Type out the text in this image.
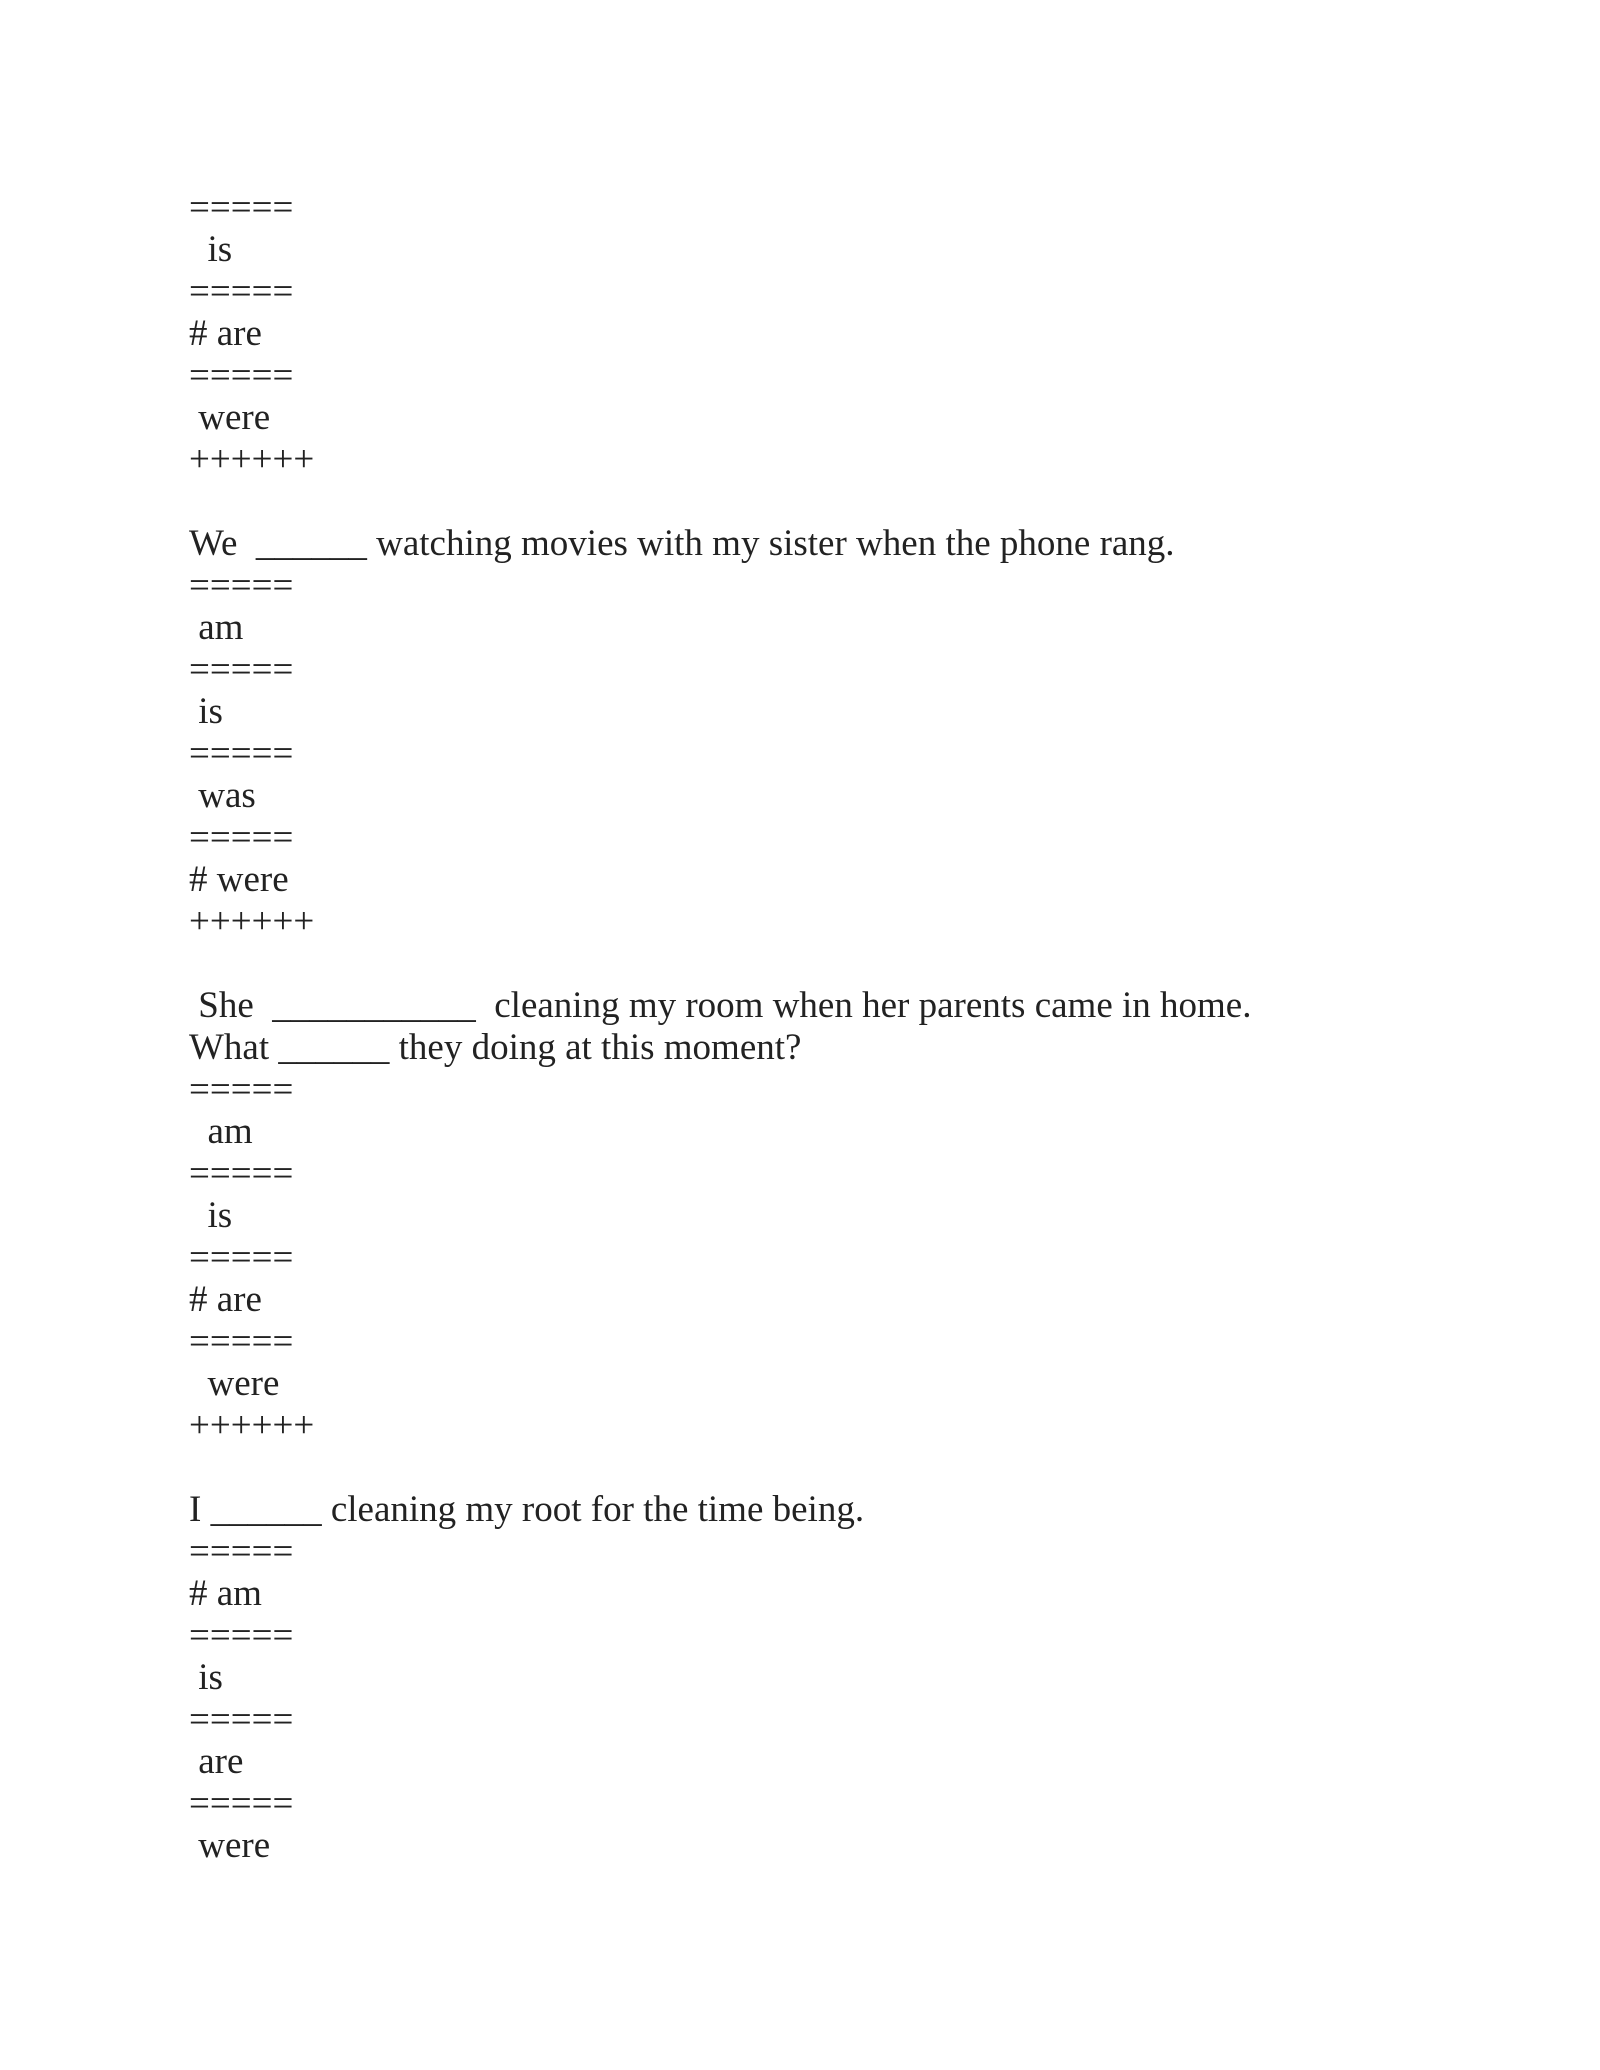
=====

is

=====

# are

=====

were

++++++

We  ______ watching movies with my sister when the phone rang.

=====

am

=====

is

=====

was

=====

# were

++++++

She  ___________  cleaning my room when her parents came in home.

What ______ they doing at this moment?

=====

am

=====

is

=====

# are

=====

were

++++++

I ______ cleaning my root for the time being.

=====

# am

=====

is

=====

are

=====

were
